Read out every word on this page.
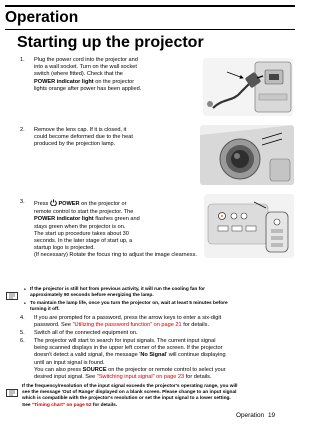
Operation
Starting up the projector
1. Plug the power cord into the projector and
into a wall socket. Turn on the wall socket
switch (where fitted). Check that the
POWER indicator light on the projector
lights orange after power has been applied.
2. Remove the lens cap. If it is closed, it
could become deformed due to the heat
produced by the projection lamp.
3. Press POWER on the projector or
remote control to start the projector. The
POWER indicator light flashes green and
stays green when the projector is on.
The start up procedure takes about 30
seconds. In the later stage of start up, a
startup logo is projected.
(If necessary) Rotate the focus ring to adjust the image clearness.
• If the projector is still hot from previous activity, it will run the cooling fan for
approximately 90 seconds before energizing the lamp.
• To maintain the lamp life, once you turn the projector on, wait at least 5 minutes before
turning it off.
4. If you are prompted for a password, press the arrow keys to enter a six-digit
password. See "Utilizing the password function" on page 21 for details.
5. Switch all of the connected equipment on.
6. The projector will start to search for input signals. The current input signal
being scanned displays in the upper left corner of the screen. If the projector
doesn't detect a valid signal, the message 'No Signal' will continue displaying
until an input signal is found.
You can also press SOURCE on the projector or remote control to select your
desired input signal. See "Switching input signal" on page 23 for details.
If the frequency/resolution of the input signal exceeds the projector's operating range, you will
see the message 'Out of Range' displayed on a blank screen. Please change to an input signal
which is compatible with the projector's resolution or set the input signal to a lower setting.
See "Timing chart" on page 52 for details.
Operation 19
